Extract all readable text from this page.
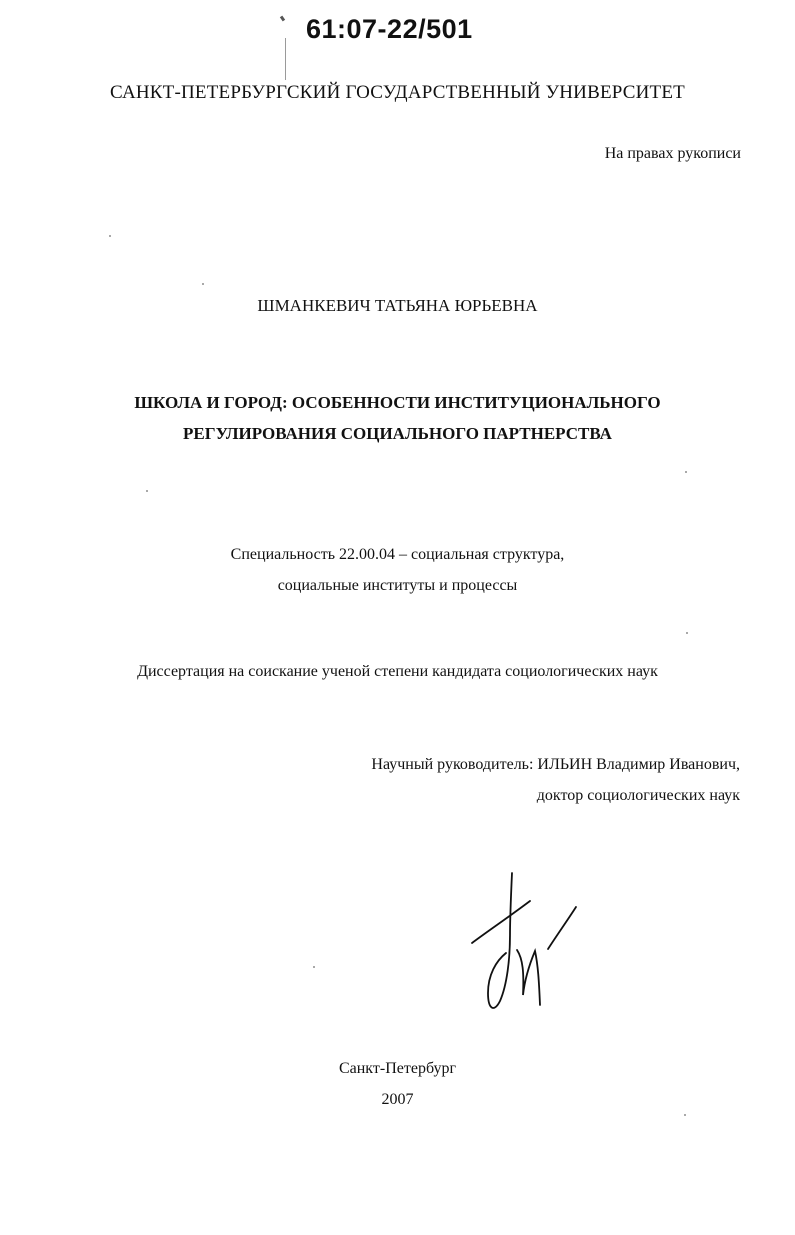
61:07-22/501
САНКТ-ПЕТЕРБУРГСКИЙ ГОСУДАРСТВЕННЫЙ УНИВЕРСИТЕТ
На правах рукописи
ШМАНКЕВИЧ ТАТЬЯНА ЮРЬЕВНА
ШКОЛА И ГОРОД: ОСОБЕННОСТИ ИНСТИТУЦИОНАЛЬНОГО
РЕГУЛИРОВАНИЯ СОЦИАЛЬНОГО ПАРТНЕРСТВА
Специальность 22.00.04 – социальная структура,
социальные институты и процессы
Диссертация на соискание ученой степени кандидата социологических наук
Научный руководитель: ИЛЬИН Владимир Иванович,
доктор социологических наук
Санкт-Петербург
2007
